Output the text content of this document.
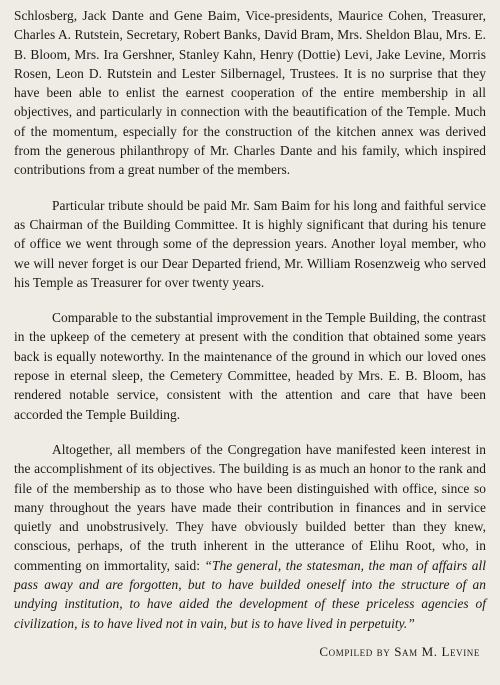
Schlosberg, Jack Dante and Gene Baim, Vice-presidents, Maurice Cohen, Treasurer, Charles A. Rutstein, Secretary, Robert Banks, David Bram, Mrs. Sheldon Blau, Mrs. E. B. Bloom, Mrs. Ira Gershner, Stanley Kahn, Henry (Dottie) Levi, Jake Levine, Morris Rosen, Leon D. Rutstein and Lester Silbernagel, Trustees. It is no surprise that they have been able to enlist the earnest cooperation of the entire membership in all objectives, and particularly in connection with the beautification of the Temple. Much of the momentum, especially for the construction of the kitchen annex was derived from the generous philanthropy of Mr. Charles Dante and his family, which inspired contributions from a great number of the members.

Particular tribute should be paid Mr. Sam Baim for his long and faithful service as Chairman of the Building Committee. It is highly significant that during his tenure of office we went through some of the depression years. Another loyal member, who we will never forget is our Dear Departed friend, Mr. William Rosenzweig who served his Temple as Treasurer for over twenty years.

Comparable to the substantial improvement in the Temple Building, the contrast in the upkeep of the cemetery at present with the condition that obtained some years back is equally noteworthy. In the maintenance of the ground in which our loved ones repose in eternal sleep, the Cemetery Committee, headed by Mrs. E. B. Bloom, has rendered notable service, consistent with the attention and care that have been accorded the Temple Building.

Altogether, all members of the Congregation have manifested keen interest in the accomplishment of its objectives. The building is as much an honor to the rank and file of the membership as to those who have been distinguished with office, since so many throughout the years have made their contribution in finances and in service quietly and unobstrusively. They have obviously builded better than they knew, conscious, perhaps, of the truth inherent in the utterance of Elihu Root, who, in commenting on immortality, said: “The general, the statesman, the man of affairs all pass away and are forgotten, but to have builded oneself into the structure of an undying institution, to have aided the development of these priceless agencies of civilization, is to have lived not in vain, but is to have lived in perpetuity.”

Compiled by Sam M. Levine
